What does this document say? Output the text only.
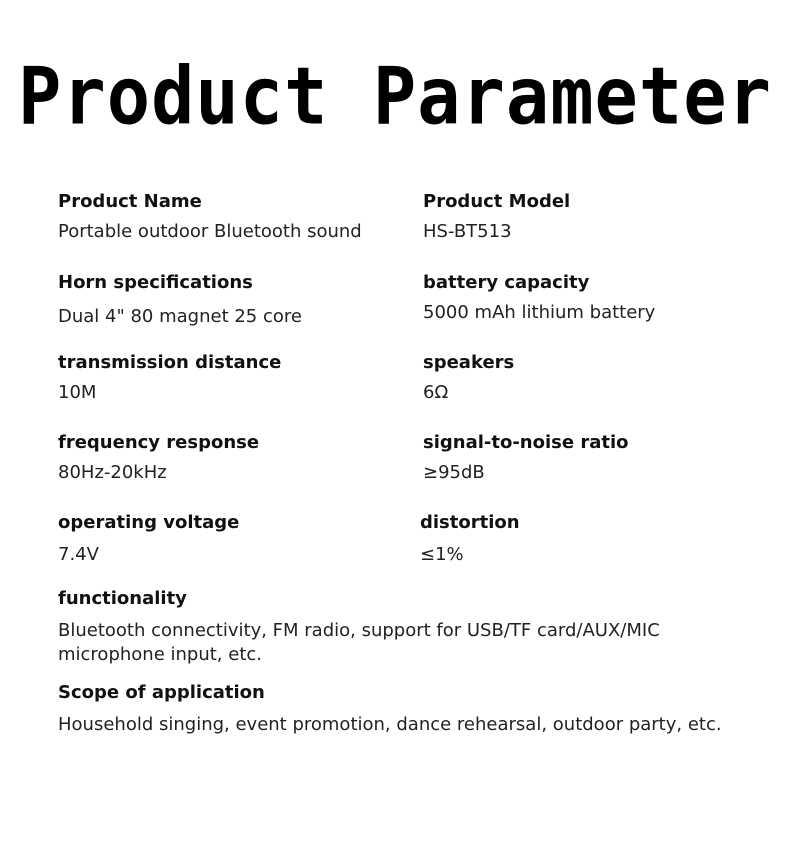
Product Parameter
Product Name
Portable outdoor Bluetooth sound
Product Model
HS-BT513
Horn specifications
Dual 4" 80 magnet 25 core
battery capacity
5000 mAh lithium battery
transmission distance
10M
speakers
6Ω
frequency response
80Hz-20kHz
signal-to-noise ratio
≥95dB
operating voltage
7.4V
distortion
≤1%
functionality
Bluetooth connectivity, FM radio, support for USB/TF card/AUX/MIC microphone input, etc.
Scope of application
Household singing, event promotion, dance rehearsal, outdoor party, etc.
